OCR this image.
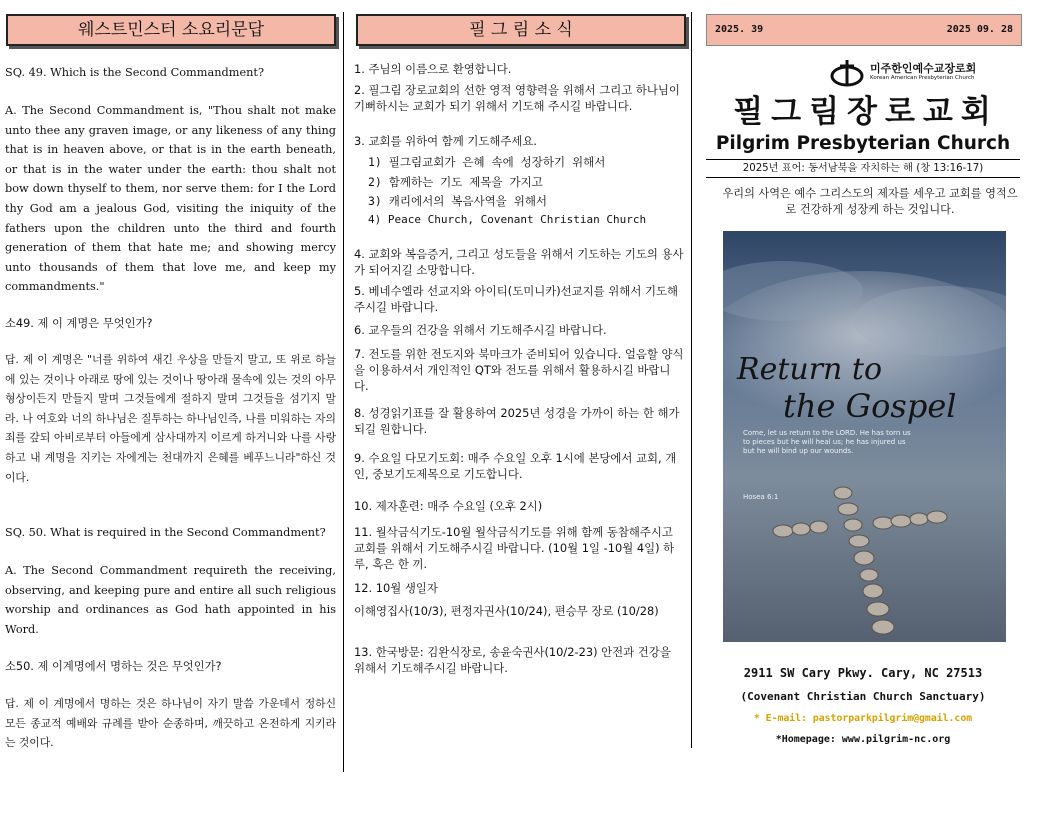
웨스트민스터 소요리문답

SQ. 49. Which is the Second Commandment?

A. The Second Commandment is, "Thou shalt not make unto thee any graven image, or any likeness of any thing that is in heaven above, or that is in the earth beneath, or that is in the water under the earth: thou shalt not bow down thyself to them, nor serve them: for I the Lord thy God am a jealous God, visiting the iniquity of the fathers upon the children unto the third and fourth generation of them that hate me; and showing mercy unto thousands of them that love me, and keep my commandments."

소49. 제 이 계명은 무엇인가?

답. 제 이 계명은 "너를 위하여 새긴 우상을 만들지 말고, 또 위로 하늘에 있는 것이나 아래로 땅에 있는 것이나 땅아래 물속에 있는 것의 아무 형상이든지 만들지 말며 그것들에게 절하지 말며 그것들을 섬기지 말라. 나 여호와 너의 하나님은 질투하는 하나님인즉, 나를 미워하는 자의 죄를 갚되 아비로부터 아들에게 삼사대까지 이르게 하거니와 나를 사랑하고 내 계명을 지키는 자에게는 천대까지 은혜를 베푸느니라"하신 것이다.

SQ. 50. What is required in the Second Commandment?

A. The Second Commandment requireth the receiving, observing, and keeping pure and entire all such religious worship and ordinances as God hath appointed in his Word.

소50. 제 이계명에서 명하는 것은 무엇인가?

답. 제 이 계명에서 명하는 것은 하나님이 자기 말씀 가운데서 정하신 모든 종교적 예배와 규례를 받아 순종하며, 깨끗하고 온전하게 지키라는 것이다.

필 그 림 소 식

1. 주님의 이름으로 환영합니다.

2. 필그림 장로교회의 선한 영적 영향력을 위해서 그리고 하나님이 기뻐하시는 교회가 되기 위해서 기도해 주시길 바랍니다.

3. 교회를 위하여 함께 기도해주세요.

1) 필그림교회가 은혜 속에 성장하기 위해서

2) 함께하는 기도 제목을 가지고

3) 캐리에서의 복음사역을 위해서

4) Peace Church, Covenant Christian Church

4. 교회와 복음증거, 그리고 성도들을 위해서 기도하는 기도의 용사가 되어지길 소망합니다.

5. 베네수엘라 선교지와 아이티(도미니카)선교지를 위해서 기도해주시길 바랍니다.

6. 교우들의 건강을 위해서 기도해주시길 바랍니다.

7. 전도를 위한 전도지와 북마크가 준비되어 있습니다. 얼음할 양식을 이용하셔서 개인적인 QT와 전도를 위해서 활용하시길 바랍니다.

8. 성경읽기표를 잘 활용하여 2025년 성경을 가까이 하는 한 해가 되길 원합니다.

9. 수요일 다모기도회: 매주 수요일 오후 1시에 본당에서 교회, 개인, 중보기도제목으로 기도합니다.

10. 제자훈련: 매주 수요일 (오후 2시)

11. 월삭금식기도-10월 월삭금식기도를 위해 함께 동참해주시고 교회를 위해서 기도해주시길 바랍니다. (10월 1일 -10월 4일) 하루, 혹은 한 끼.

12. 10월 생일자

이해영집사(10/3), 편정자권사(10/24), 편승무 장로 (10/28)

13. 한국방문: 김완식장로, 송윤숙권사(10/2-23) 안전과 건강을 위해서 기도해주시길 바랍니다.

2025. 39	2025 09. 28
미주한인예수교장로회
Korean American Presbyterian Church
필그림장로교회
Pilgrim Presbyterian Church
2025년 표어: 동서남북을 자치하는 해 (창 13:16-17)
우리의 사역은 예수 그리스도의 제자를 세우고 교회를 영적으로 건강하게 성장케 하는 것입니다.
Return to
the Gospel
Come, let us return to the LORD. He has torn us to pieces but he will heal us; he has injured us but he will bind up our wounds.
Hosea 6:1
2911 SW Cary Pkwy. Cary, NC 27513
(Covenant Christian Church Sanctuary)
* E-mail: pastorparkpilgrim@gmail.com
*Homepage: www.pilgrim-nc.org
